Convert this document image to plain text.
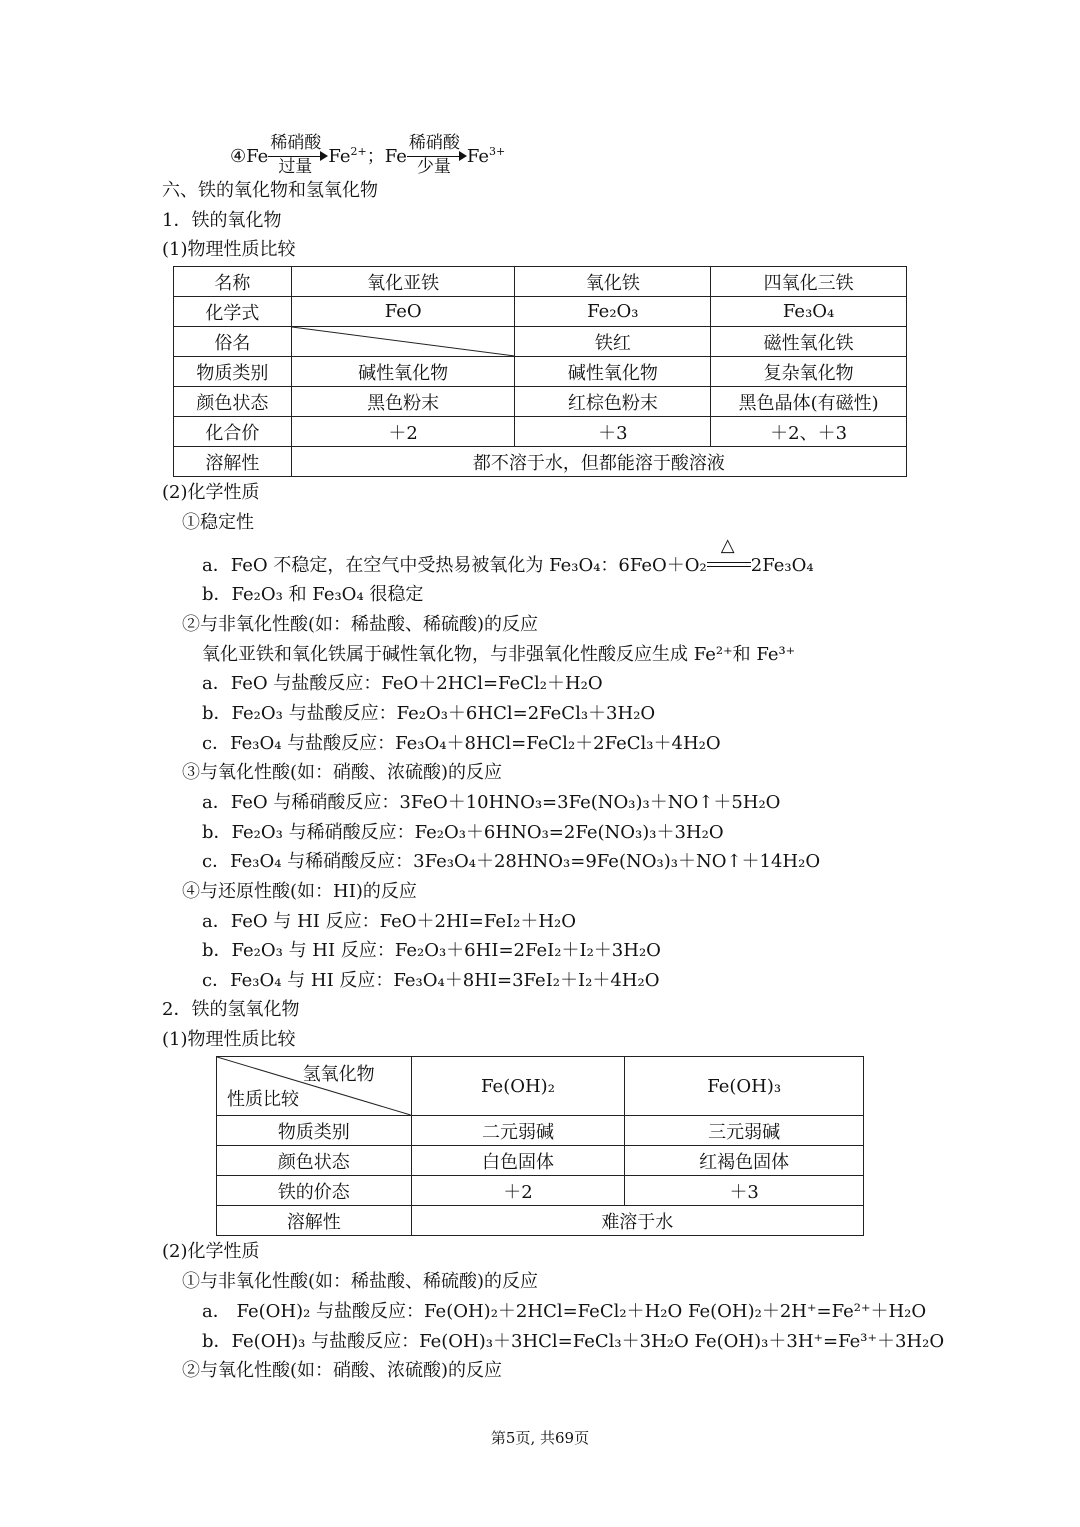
④Fe
稀硝酸
过量 $Fe^{2+}$；Fe
稀硝酸
少量 $Fe^{3+}$
六、铁的氧化物和氢氧化物
1．铁的氧化物
(1)物理性质比较
名称	氧化亚铁	氧化铁	四氧化三铁
化学式	FeO	Fe₂O₃	Fe₃O₄
俗名		铁红	磁性氧化铁
物质类别	碱性氧化物	碱性氧化物	复杂氧化物
颜色状态	黑色粉末	红棕色粉末	黑色晶体(有磁性)
化合价	＋2	＋3	＋2、＋3
溶解性	都不溶于水，但都能溶于酸溶液		
(2)化学性质
①稳定性
a．FeO 不稳定，在空气中受热易被氧化为 Fe₃O₄：6FeO＋O₂
△
2Fe₃O₄
b．Fe₂O₃ 和 Fe₃O₄ 很稳定
②与非氧化性酸(如：稀盐酸、稀硫酸)的反应
氧化亚铁和氧化铁属于碱性氧化物，与非强氧化性酸反应生成 Fe²⁺和 Fe³⁺
a．FeO 与盐酸反应：FeO＋2HCl=FeCl₂＋H₂O
b．Fe₂O₃ 与盐酸反应：Fe₂O₃＋6HCl=2FeCl₃＋3H₂O
c．Fe₃O₄ 与盐酸反应：Fe₃O₄＋8HCl=FeCl₂＋2FeCl₃＋4H₂O
③与氧化性酸(如：硝酸、浓硫酸)的反应
a．FeO 与稀硝酸反应：3FeO＋10HNO₃=3Fe(NO₃)₃＋NO↑＋5H₂O
b．Fe₂O₃ 与稀硝酸反应：Fe₂O₃＋6HNO₃=2Fe(NO₃)₃＋3H₂O
c．Fe₃O₄ 与稀硝酸反应：3Fe₃O₄＋28HNO₃=9Fe(NO₃)₃＋NO↑＋14H₂O
④与还原性酸(如：HI)的反应
a．FeO 与 HI 反应：FeO＋2HI=FeI₂＋H₂O
b．Fe₂O₃ 与 HI 反应：Fe₂O₃＋6HI=2FeI₂＋I₂＋3H₂O
c．Fe₃O₄ 与 HI 反应：Fe₃O₄＋8HI=3FeI₂＋I₂＋4H₂O
2．铁的氢氧化物
(1)物理性质比较
氢氧化物
性质比较	Fe(OH)₂	Fe(OH)₃
物质类别	二元弱碱	三元弱碱
颜色状态	白色固体	红褐色固体
铁的价态	＋2	＋3
溶解性	难溶于水	
(2)化学性质
①与非氧化性酸(如：稀盐酸、稀硫酸)的反应
a． Fe(OH)₂ 与盐酸反应：Fe(OH)₂＋2HCl=FeCl₂＋H₂O Fe(OH)₂＋2H⁺=Fe²⁺＋H₂O
b．Fe(OH)₃ 与盐酸反应：Fe(OH)₃＋3HCl=FeCl₃＋3H₂O Fe(OH)₃＋3H⁺=Fe³⁺＋3H₂O
②与氧化性酸(如：硝酸、浓硫酸)的反应
第5页, 共69页
